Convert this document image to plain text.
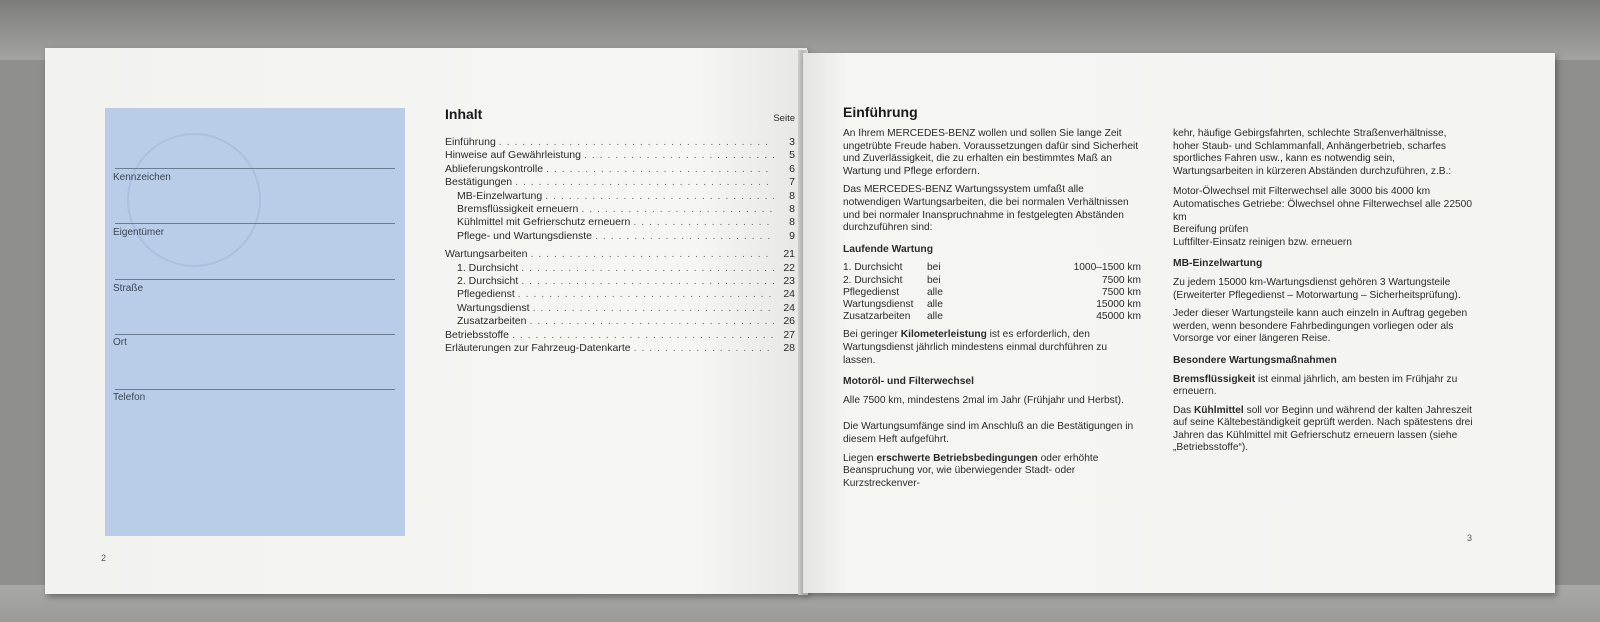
Kennzeichen
Eigentümer
Straße
Ort
Telefon

Inhalt	Seite
Einführung . . .	3
Hinweise auf Gewährleistung . . .	5
Ablieferungskontrolle . . .	6
Bestätigungen . . .	7
MB-Einzelwartung . . .	8
Bremsflüssigkeit erneuern . . .	8
Kühlmittel mit Gefrierschutz erneuern . . .	8
Pflege- und Wartungsdienste . . .	9
Wartungsarbeiten . . .	21
1. Durchsicht . . .	22
2. Durchsicht . . .	23
Pflegedienst . . .	24
Wartungsdienst . . .	24
Zusatzarbeiten . . .	26
Betriebsstoffe . . .	27
Erläuterungen zur Fahrzeug-Datenkarte . . .	28
2
Einführung

An Ihrem MERCEDES-BENZ wollen und sollen Sie lange Zeit ungetrübte Freude haben. Voraussetzungen dafür sind Sicherheit und Zuverlässigkeit, die zu erhalten ein bestimmtes Maß an Wartung und Pflege erfordern.

Das MERCEDES-BENZ Wartungssystem umfaßt alle notwendigen Wartungsarbeiten, die bei normalen Verhältnissen und bei normaler Inanspruchnahme in festgelegten Abständen durchzuführen sind:

Laufende Wartung
1. Durchsicht	bei	1000–1500 km
2. Durchsicht	bei	7500 km
Pflegedienst	alle	7500 km
Wartungsdienst	alle	15000 km
Zusatzarbeiten	alle	45000 km

Bei geringer Kilometerleistung ist es erforderlich, den Wartungsdienst jährlich mindestens einmal durchführen zu lassen.

Motoröl- und Filterwechsel

Alle 7500 km, mindestens 2mal im Jahr (Frühjahr und Herbst).

Die Wartungsumfänge sind im Anschluß an die Bestätigungen in diesem Heft aufgeführt.

Liegen erschwerte Betriebsbedingungen oder erhöhte Beanspruchung vor, wie überwiegender Stadt- oder Kurzstreckenver-

kehr, häufige Gebirgsfahrten, schlechte Straßenverhältnisse, hoher Staub- und Schlammanfall, Anhängerbetrieb, scharfes sportliches Fahren usw., kann es notwendig sein, Wartungsarbeiten in kürzeren Abständen durchzuführen, z.B.:

Motor-Ölwechsel mit Filterwechsel alle 3000 bis 4000 km
Automatisches Getriebe: Ölwechsel ohne Filterwechsel alle 22500 km
Bereifung prüfen
Luftfilter-Einsatz reinigen bzw. erneuern
MB-Einzelwartung

Zu jedem 15000 km-Wartungsdienst gehören 3 Wartungsteile (Erweiterter Pflegedienst – Motorwartung – Sicherheitsprüfung).

Jeder dieser Wartungsteile kann auch einzeln in Auftrag gegeben werden, wenn besondere Fahrbedingungen vorliegen oder als Vorsorge vor einer längeren Reise.

Besondere Wartungsmaßnahmen

Bremsflüssigkeit ist einmal jährlich, am besten im Frühjahr zu erneuern.

Das Kühlmittel soll vor Beginn und während der kalten Jahreszeit auf seine Kältebeständigkeit geprüft werden. Nach spätestens drei Jahren das Kühlmittel mit Gefrierschutz erneuern lassen (siehe „Betriebsstoffe“).

3
